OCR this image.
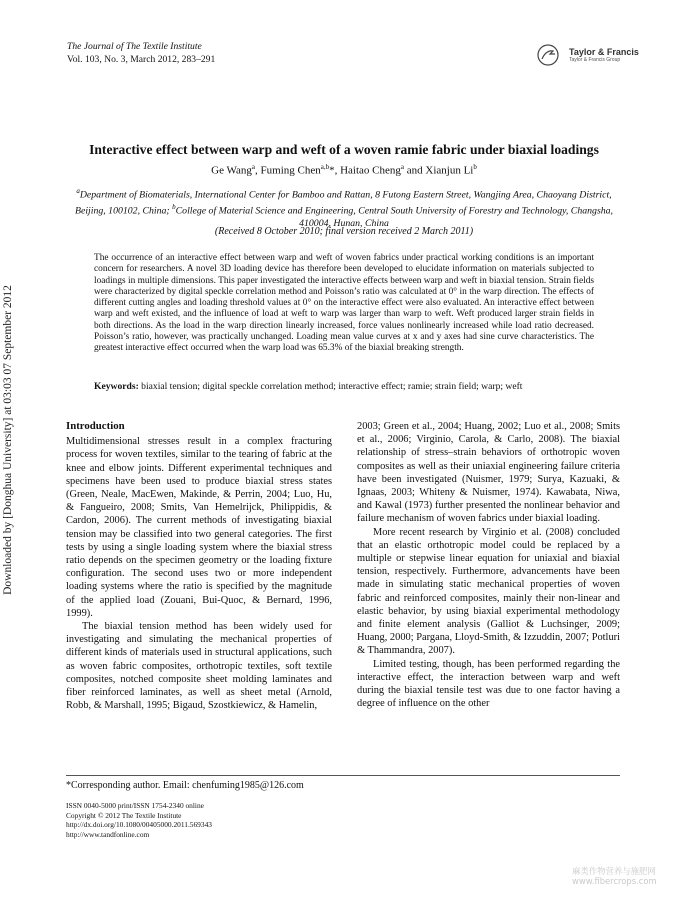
The Journal of The Textile Institute
Vol. 103, No. 3, March 2012, 283–291
Taylor & Francis
Taylor & Francis Group
Downloaded by [Donghua University] at 03:03 07 September 2012
Interactive effect between warp and weft of a woven ramie fabric under biaxial loadings
Ge Wang$^a$, Fuming Chen$^{a,b}$*, Haitao Cheng$^a$ and Xianjun Li$^b$
$^a$Department of Biomaterials, International Center for Bamboo and Rattan, 8 Futong Eastern Street, Wangjing Area, Chaoyang District, Beijing, 100102, China; $^b$College of Material Science and Engineering, Central South University of Forestry and Technology, Changsha, 410004, Hunan, China
(Received 8 October 2010; final version received 2 March 2011)
The occurrence of an interactive effect between warp and weft of woven fabrics under practical working conditions is an important concern for researchers. A novel 3D loading device has therefore been developed to elucidate information on materials subjected to loadings in multiple dimensions. This paper investigated the interactive effects between warp and weft in biaxial tension. Strain fields were characterized by digital speckle correlation method and Poisson’s ratio was calculated at 0° in the warp direction. The effects of different cutting angles and loading threshold values at 0° on the interactive effect were also evaluated. An interactive effect between warp and weft existed, and the influence of load at weft to warp was larger than warp to weft. Weft produced larger strain fields in both directions. As the load in the warp direction linearly increased, force values nonlinearly increased while load ratio decreased. Poisson’s ratio, however, was practically unchanged. Loading mean value curves at x and y axes had sine curve characteristics. The greatest interactive effect occurred when the warp load was 65.3% of the biaxial breaking strength.
Keywords: biaxial tension; digital speckle correlation method; interactive effect; ramie; strain field; warp; weft
Introduction

Multidimensional stresses result in a complex fracturing process for woven textiles, similar to the tearing of fabric at the knee and elbow joints. Different experimental techniques and specimens have been used to produce biaxial stress states (Green, Neale, MacEwen, Makinde, & Perrin, 2004; Luo, Hu, & Fangueiro, 2008; Smits, Van Hemelrijck, Philippidis, & Cardon, 2006). The current methods of investigating biaxial tension may be classified into two general categories. The first tests by using a single loading system where the biaxial stress ratio depends on the specimen geometry or the loading fixture configuration. The second uses two or more independent loading systems where the ratio is specified by the magnitude of the applied load (Zouani, Bui-Quoc, & Bernard, 1996, 1999).

The biaxial tension method has been widely used for investigating and simulating the mechanical properties of different kinds of materials used in structural applications, such as woven fabric composites, orthotropic textiles, soft textile composites, notched composite sheet molding laminates and fiber reinforced laminates, as well as sheet metal (Arnold, Robb, & Marshall, 1995; Bigaud, Szostkiewicz, & Hamelin,

2003; Green et al., 2004; Huang, 2002; Luo et al., 2008; Smits et al., 2006; Virginio, Carola, & Carlo, 2008). The biaxial relationship of stress–strain behaviors of orthotropic woven composites as well as their uniaxial engineering failure criteria have been investigated (Nuismer, 1979; Surya, Kazuaki, & Ignaas, 2003; Whiteny & Nuismer, 1974). Kawabata, Niwa, and Kawal (1973) further presented the nonlinear behavior and failure mechanism of woven fabrics under biaxial loading.

More recent research by Virginio et al. (2008) concluded that an elastic orthotropic model could be replaced by a multiple or stepwise linear equation for uniaxial and biaxial tension, respectively. Furthermore, advancements have been made in simulating static mechanical properties of woven fabric and reinforced composites, mainly their non-linear and elastic behavior, by using biaxial experimental methodology and finite element analysis (Galliot & Luchsinger, 2009; Huang, 2000; Pargana, Lloyd-Smith, & Izzuddin, 2007; Potluri & Thammandra, 2007).

Limited testing, though, has been performed regarding the interactive effect, the interaction between warp and weft during the biaxial tensile test was due to one factor having a degree of influence on the other

*Corresponding author. Email: chenfuming1985@126.com
ISSN 0040-5000 print/ISSN 1754-2340 online
Copyright © 2012 The Textile Institute
http://dx.doi.org/10.1080/00405000.2011.569343
http://www.tandfonline.com
麻类作物营养与施肥网
www.fibercrops.com
